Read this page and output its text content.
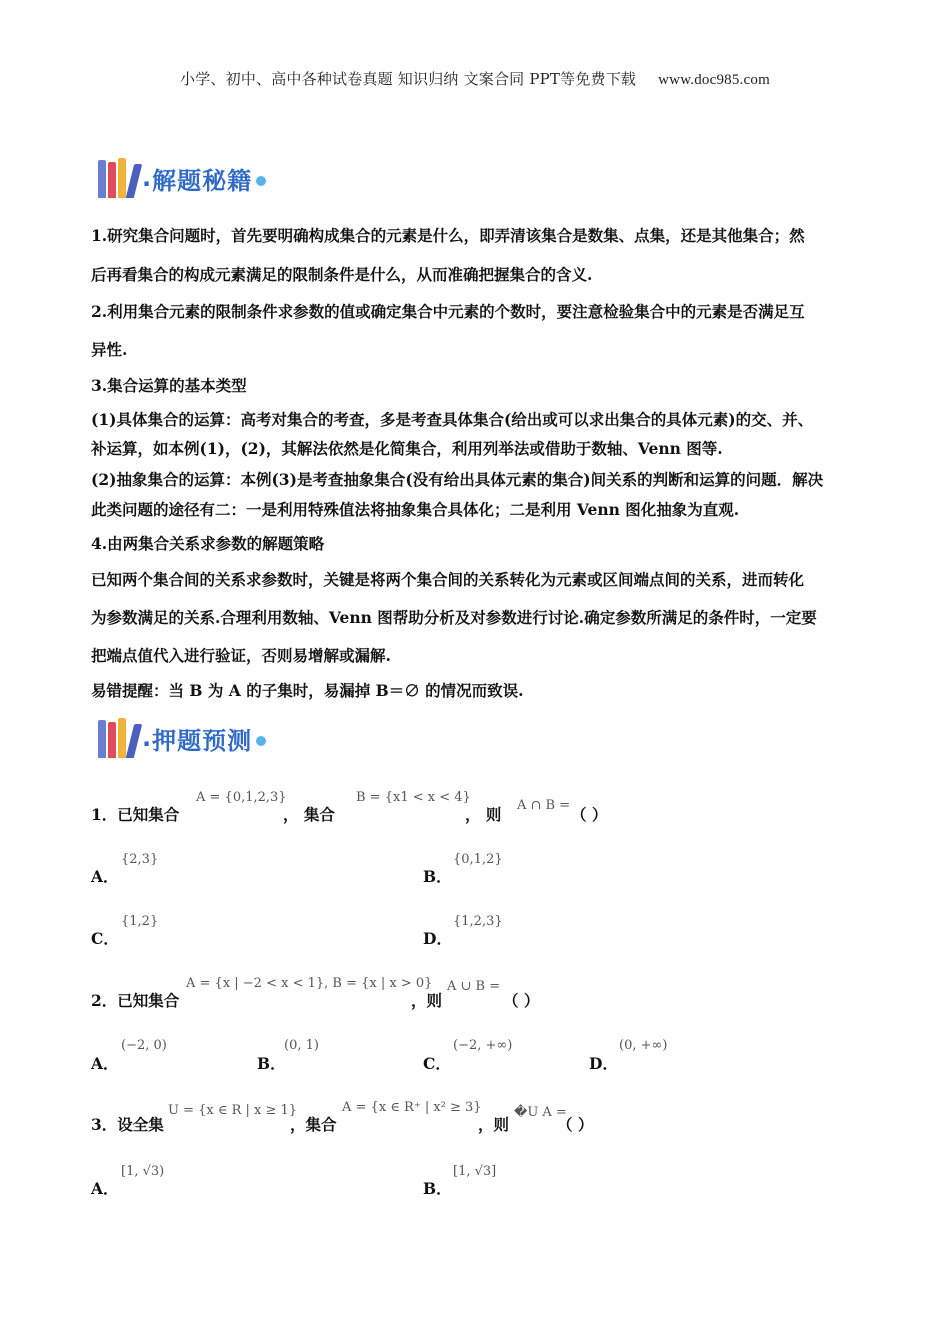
小学、初中、高中各种试卷真题 知识归纳 文案合同 PPT等免费下载 www.doc985.com
. 解题秘籍

1.研究集合问题时，首先要明确构成集合的元素是什么，即弄清该集合是数集、点集，还是其他集合；然

后再看集合的构成元素满足的限制条件是什么，从而准确把握集合的含义.

2.利用集合元素的限制条件求参数的值或确定集合中元素的个数时，要注意检验集合中的元素是否满足互

异性.

3.集合运算的基本类型

(1)具体集合的运算：高考对集合的考查，多是考查具体集合(给出或可以求出集合的具体元素)的交、并、

补运算，如本例(1)，(2)，其解法依然是化简集合，利用列举法或借助于数轴、Venn 图等.

(2)抽象集合的运算：本例(3)是考查抽象集合(没有给出具体元素的集合)间关系的判断和运算的问题．解决

此类问题的途径有二：一是利用特殊值法将抽象集合具体化；二是利用 Venn 图化抽象为直观.

4.由两集合关系求参数的解题策略

已知两个集合间的关系求参数时，关键是将两个集合间的关系转化为元素或区间端点间的关系，进而转化

为参数满足的关系.合理利用数轴、Venn 图帮助分析及对参数进行讨论.确定参数所满足的条件时，一定要

把端点值代入进行验证，否则易增解或漏解.

易错提醒：当 B 为 A 的子集时，易漏掉 B＝∅ 的情况而致误.

. 押题预测
1．已知集合
A = {0,1,2,3}
， 集合
B = {x1 < x < 4}
， 则 A ∩ B = （ ）
A．
{2,3}
B．
{0,1,2}
C．
{1,2}
D．
{1,2,3}
2．已知集合
A = {x | −2 < x < 1}, B = {x | x > 0}
，则
A ∪ B =
（ ）
A．
(−2, 0)
B．
(0, 1)
C．
(−2, +∞)
D．
(0, +∞)
3．设全集
U = {x ∈ R | x ≥ 1}
，集合
A = {x ∈ R⁺ | x² ≥ 3}
，则
�U A =
（ ）
A．
[1, √3)
B．
[1, √3]
